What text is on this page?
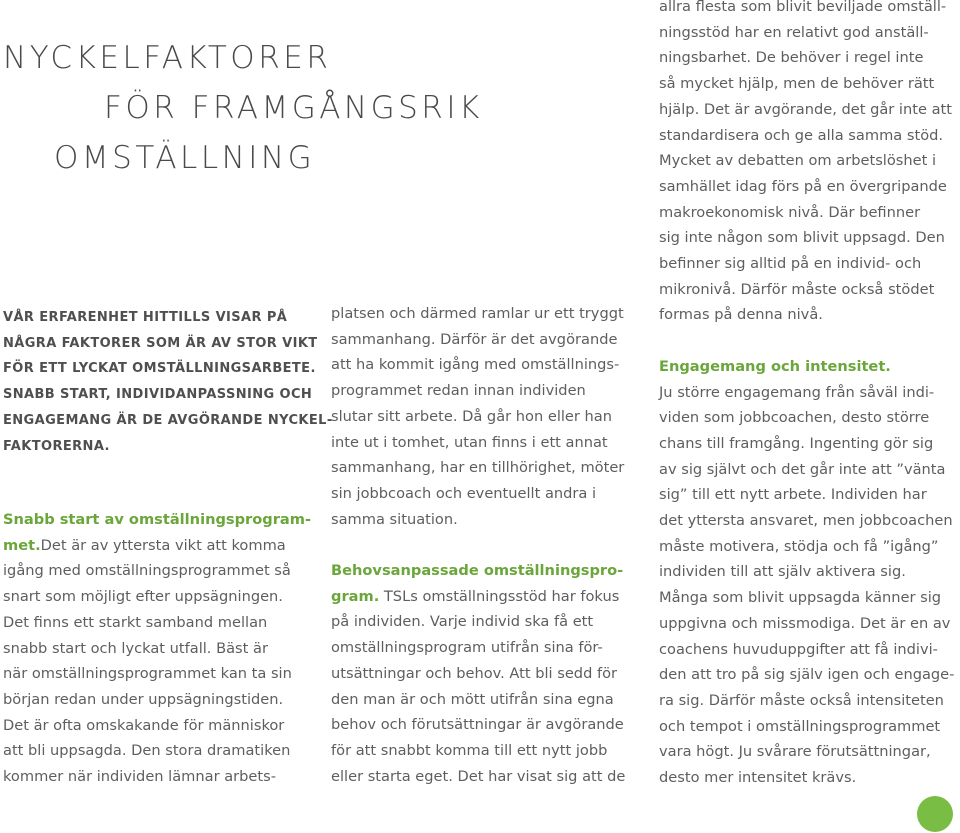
NYCKELFAKTORER
FÖR FRAMGÅNGSRIK
OMSTÄLLNING
VÅR ERFARENHET HITTILLS VISAR PÅ
NÅGRA FAKTORER SOM ÄR AV STOR VIKT
FÖR ETT LYCKAT OMSTÄLLNINGSARBETE.
SNABB START, INDIVIDANPASSNING OCH
ENGAGEMANG ÄR DE AVGÖRANDE NYCKEL-
FAKTORERNA.
Snabb start av omställningsprogram-
met.Det är av yttersta vikt att komma
igång med omställningsprogrammet så
snart som möjligt efter uppsägningen.
Det finns ett starkt samband mellan
snabb start och lyckat utfall. Bäst är
när omställningsprogrammet kan ta sin
början redan under uppsägningstiden.
Det är ofta omskakande för människor
att bli uppsagda. Den stora dramatiken
kommer när individen lämnar arbets-
platsen och därmed ramlar ur ett tryggt
sammanhang. Därför är det avgörande
att ha kommit igång med omställnings-
programmet redan innan individen
slutar sitt arbete. Då går hon eller han
inte ut i tomhet, utan finns i ett annat
sammanhang, har en tillhörighet, möter
sin jobbcoach och eventuellt andra i
samma situation.

Behovsanpassade omställningspro-
gram. TSLs omställningsstöd har fokus
på individen. Varje individ ska få ett
omställningsprogram utifrån sina för-
utsättningar och behov. Att bli sedd för
den man är och mött utifrån sina egna
behov och förutsättningar är avgörande
för att snabbt komma till ett nytt jobb
eller starta eget. Det har visat sig att de
allra flesta som blivit beviljade omställ-
ningsstöd har en relativt god anställ-
ningsbarhet. De behöver i regel inte
så mycket hjälp, men de behöver rätt
hjälp. Det är avgörande, det går inte att
standardisera och ge alla samma stöd.
Mycket av debatten om arbetslöshet i
samhället idag förs på en övergripande
makroekonomisk nivå. Där befinner
sig inte någon som blivit uppsagd. Den
befinner sig alltid på en individ- och
mikronivå. Därför måste också stödet
formas på denna nivå.

Engagemang och intensitet.
Ju större engagemang från såväl indi-
viden som jobbcoachen, desto större
chans till framgång. Ingenting gör sig
av sig självt och det går inte att ”vänta
sig” till ett nytt arbete. Individen har
det yttersta ansvaret, men jobbcoachen
måste motivera, stödja och få ”igång”
individen till att själv aktivera sig.
Många som blivit uppsagda känner sig
uppgivna och missmodiga. Det är en av
coachens huvuduppgifter att få indivi-
den att tro på sig själv igen och engage-
ra sig. Därför måste också intensiteten
och tempot i omställningsprogrammet
vara högt. Ju svårare förutsättningar,
desto mer intensitet krävs.
